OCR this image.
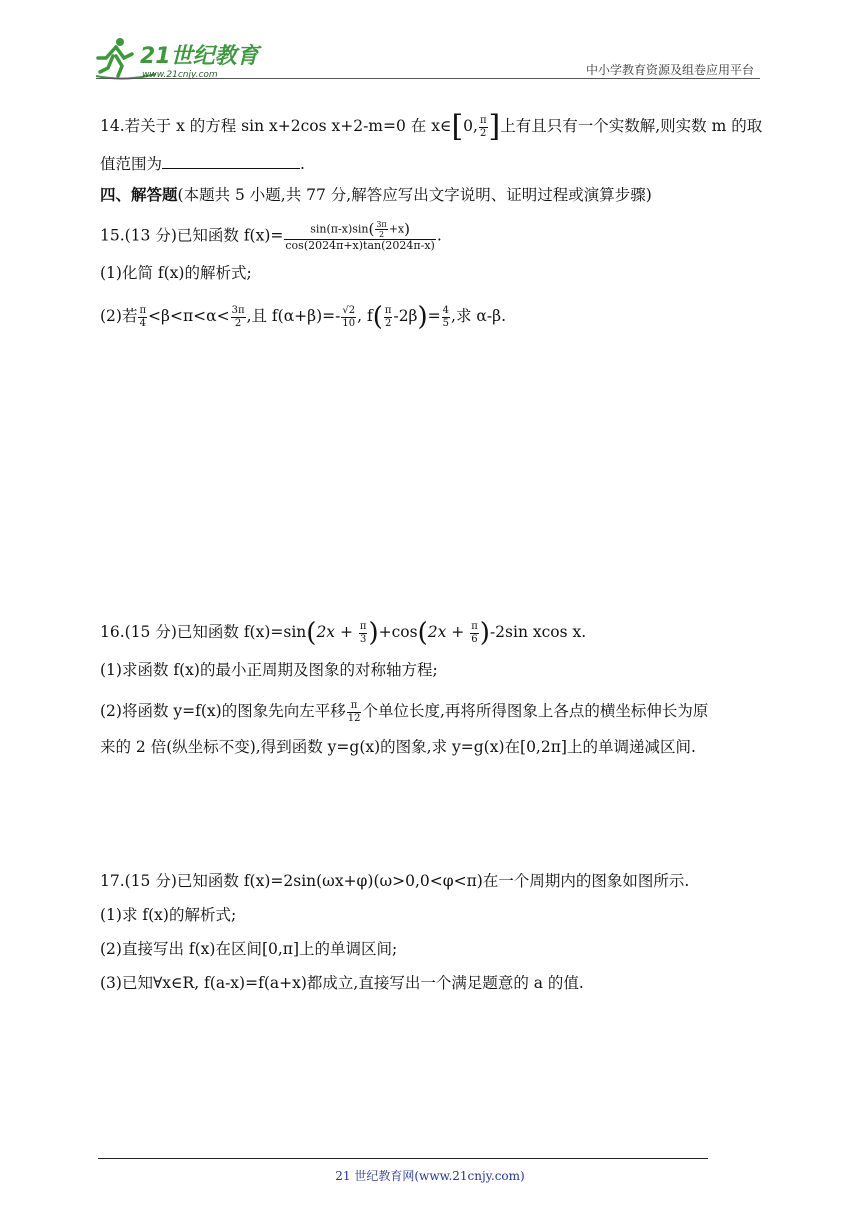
21世纪教育
www.21cnjy.com	中小学教育资源及组卷应用平台
14.若关于 x 的方程 sin x+2cos x+2-m=0 在 x∈[0, $\frac{\pi}{2}$ ]上有且只有一个实数解,则实数 m 的取
值范围为	.
四、解答题(本题共 5 小题,共 77 分,解答应写出文字说明、证明过程或演算步骤)
15.(13 分)已知函数 $f(x)= \frac{\sin(\pi-x)\sin( \frac{3\pi}{2} +x)}{\cos(2024\pi+x)\tan(2024\pi-x)}$ .
(1)化简 f(x)的解析式;
(2)若 $\frac{\pi}{4} <\beta<\pi<\alpha< \frac{3\pi}{2}$ ,且 $f(\alpha+\beta)=- \frac{√2}{10}$ , $f( \frac{\pi}{2} -2\beta)= \frac{4}{5}$ ,求 α-β.
16.(15 分)已知函数 $f(x)=\sin(2x + \frac{\pi}{3} )+\cos(2x + \frac{\pi}{6} )-2\sin$ xcos x.
(1)求函数 f(x)的最小正周期及图象的对称轴方程;
(2)将函数 y=f(x)的图象先向左平移 $\frac{\pi}{12}$ 个单位长度,再将所得图象上各点的横坐标伸长为原
来的 2 倍(纵坐标不变),得到函数 y=g(x)的图象,求 y=g(x)在[0,2π]上的单调递减区间.
17.(15 分)已知函数 f(x)=2sin(ωx+φ)(ω>0,0<φ<π)在一个周期内的图象如图所示.
(1)求 f(x)的解析式;
(2)直接写出 f(x)在区间[0,π]上的单调区间;
(3)已知∀x∈R, f(a-x)=f(a+x)都成立,直接写出一个满足题意的 a 的值.
21 世纪教育网(www.21cnjy.com)
